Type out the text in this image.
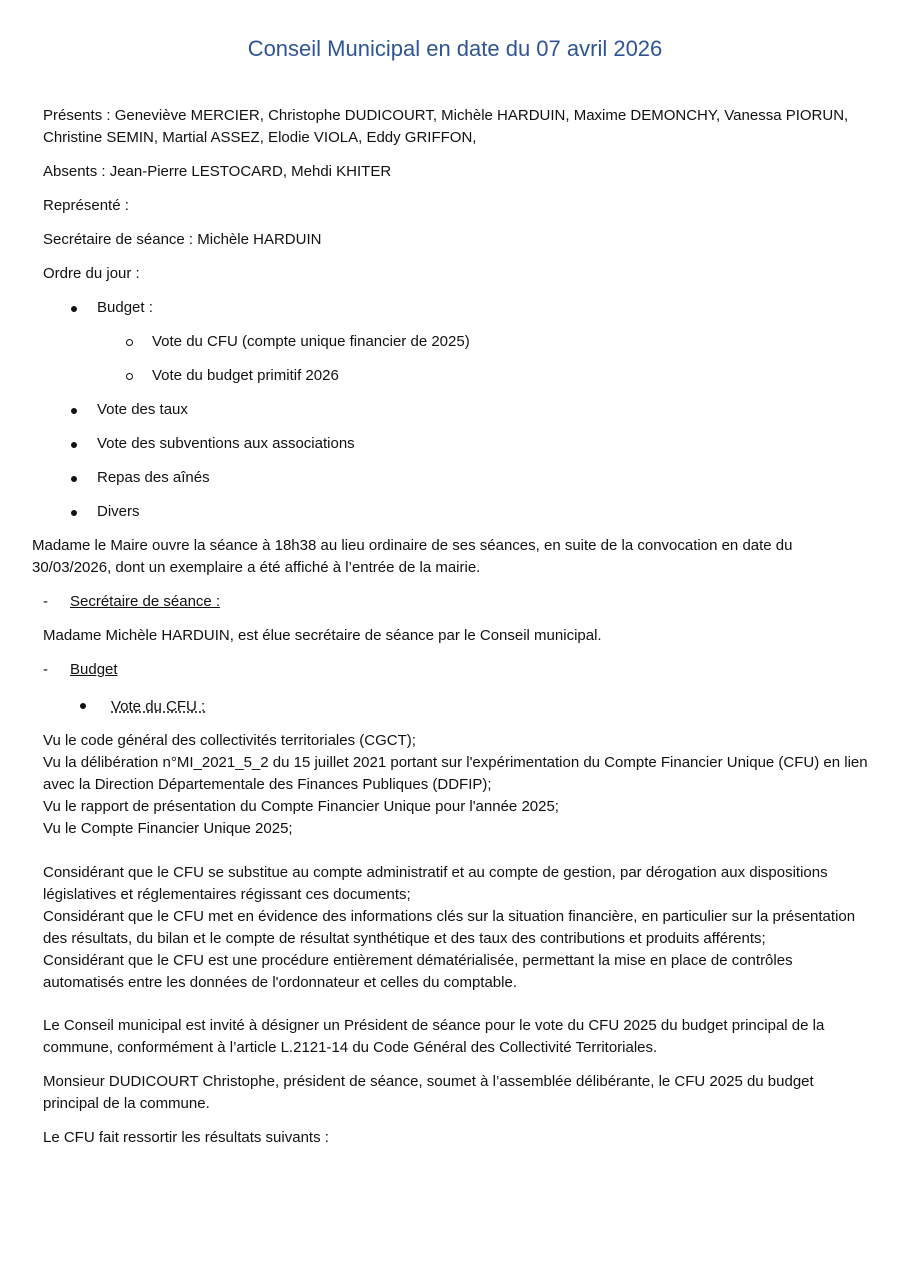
Conseil Municipal en date du 07 avril 2026

Présents : Geneviève MERCIER, Christophe DUDICOURT, Michèle HARDUIN, Maxime DEMONCHY, Vanessa PIORUN, Christine SEMIN, Martial ASSEZ, Elodie VIOLA, Eddy GRIFFON,

Absents : Jean-Pierre LESTOCARD, Mehdi KHITER

Représenté :

Secrétaire de séance : Michèle HARDUIN

Ordre du jour :

Budget :
Vote du CFU (compte unique financier de 2025)
Vote du budget primitif 2026
Vote des taux
Vote des subventions aux associations
Repas des aînés
Divers

Madame le Maire ouvre la séance à 18h38 au lieu ordinaire de ses séances, en suite de la convocation en date du 30/03/2026, dont un exemplaire a été affiché à l’entrée de la mairie.

- Secrétaire de séance :

Madame Michèle HARDUIN, est élue secrétaire de séance par le Conseil municipal.

- Budget
Vote du CFU :
Vu le code général des collectivités territoriales (CGCT);
Vu la délibération n°MI_2021_5_2 du 15 juillet 2021 portant sur l'expérimentation du Compte Financier Unique (CFU) en lien avec la Direction Départementale des Finances Publiques (DDFIP);
Vu le rapport de présentation du Compte Financier Unique pour l'année 2025;
Vu le Compte Financier Unique 2025;
Considérant que le CFU se substitue au compte administratif et au compte de gestion, par dérogation aux dispositions législatives et réglementaires régissant ces documents;
Considérant que le CFU met en évidence des informations clés sur la situation financière, en particulier sur la présentation des résultats, du bilan et le compte de résultat synthétique et des taux des contributions et produits afférents;
Considérant que le CFU est une procédure entièrement dématérialisée, permettant la mise en place de contrôles automatisés entre les données de l'ordonnateur et celles du comptable.

Le Conseil municipal est invité à désigner un Président de séance pour le vote du CFU 2025 du budget principal de la commune, conformément à l’article L.2121-14 du Code Général des Collectivité Territoriales.

Monsieur DUDICOURT Christophe, président de séance, soumet à l’assemblée délibérante, le CFU 2025 du budget principal de la commune.

Le CFU fait ressortir les résultats suivants :
